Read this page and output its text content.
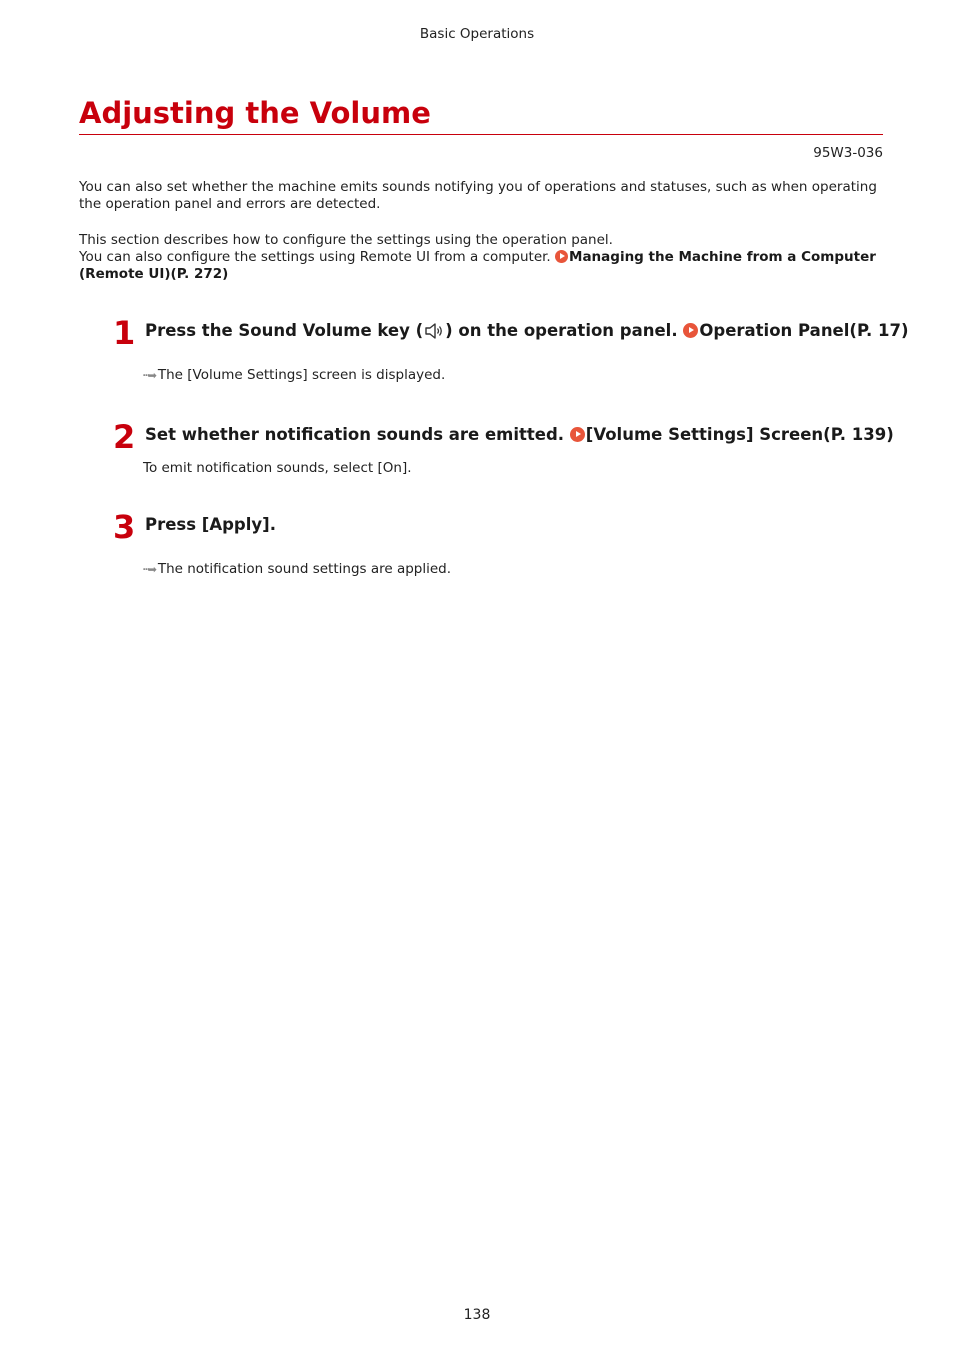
Basic Operations
Adjusting the Volume
95W3-036

You can also set whether the machine emits sounds notifying you of operations and statuses, such as when operating the operation panel and errors are detected.

This section describes how to configure the settings using the operation panel.
You can also configure the settings using Remote UI from a computer. Managing the Machine from a Computer (Remote UI)(P. 272)

1 Press the Sound Volume key ( ) on the operation panel. Operation Panel(P. 17)
┅➡ The [Volume Settings] screen is displayed.
2 Set whether notification sounds are emitted. [Volume Settings] Screen(P. 139)
To emit notification sounds, select [On].
3 Press [Apply].
┅➡ The notification sound settings are applied.
138
